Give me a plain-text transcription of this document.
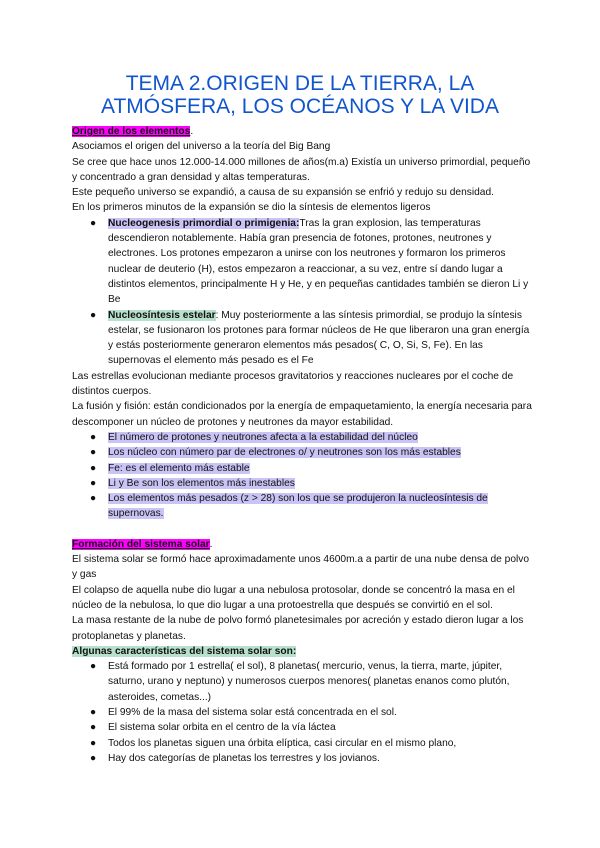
TEMA 2.ORIGEN DE LA TIERRA, LA ATMÓSFERA, LOS OCÉANOS Y LA VIDA

Origen de los elementos.

Asociamos el origen del universo a la teoría del Big Bang

Se cree que hace unos 12.000-14.000 millones de años(m.a) Existía un universo primordial, pequeño y concentrado a gran densidad y altas temperaturas.

Este pequeño universo se expandió, a causa de su expansión se enfrió y redujo su densidad.

En los primeros minutos de la expansión se dio la síntesis de elementos ligeros

● Nucleogenesis primordial o primigenia:Tras la gran explosion, las temperaturas descendieron notablemente. Había gran presencia de fotones, protones, neutrones y electrones. Los protones empezaron a unirse con los neutrones y formaron los primeros nuclear de deuterio (H), estos empezaron a reaccionar, a su vez, entre sí dando lugar a distintos elementos, principalmente H y He, y en pequeñas cantidades también se dieron Li y Be
● Nucleosíntesis estelar: Muy posteriormente a las síntesis primordial, se produjo la síntesis estelar, se fusionaron los protones para formar núcleos de He que liberaron una gran energía y estás posteriormente generaron elementos más pesados( C, O, Si, S, Fe). En las supernovas el elemento más pesado es el Fe

Las estrellas evolucionan mediante procesos gravitatorios y reacciones nucleares por el coche de distintos cuerpos.

La fusión y fisión: están condicionados por la energía de empaquetamiento, la energía necesaria para descomponer un núcleo de protones y neutrones da mayor estabilidad.

● El número de protones y neutrones afecta a la estabilidad del núcleo
● Los núcleo con número par de electrones o/ y neutrones son los más estables
● Fe: es el elemento más estable
● Li y Be son los elementos más inestables
● Los elementos más pesados (z > 28) son los que se produjeron la nucleosíntesis de supernovas.

Formación del sistema solar.

El sistema solar se formó hace aproximadamente unos 4600m.a a partir de una nube densa de polvo y gas

El colapso de aquella nube dio lugar a una nebulosa protosolar, donde se concentró la masa en el núcleo de la nebulosa, lo que dio lugar a una protoestrella que después se convirtió en el sol.

La masa restante de la nube de polvo formó planetesimales por acreción y estado dieron lugar a los protoplanetas y planetas.

Algunas características del sistema solar son:

● Está formado por 1 estrella( el sol), 8 planetas( mercurio, venus, la tierra, marte, júpiter, saturno, urano y neptuno) y numerosos cuerpos menores( planetas enanos como plutón, asteroides, cometas...)
● El 99% de la masa del sistema solar está concentrada en el sol.
● El sistema solar orbita en el centro de la vía láctea
● Todos los planetas siguen una órbita elíptica, casi circular en el mismo plano,
● Hay dos categorías de planetas los terrestres y los jovianos.
